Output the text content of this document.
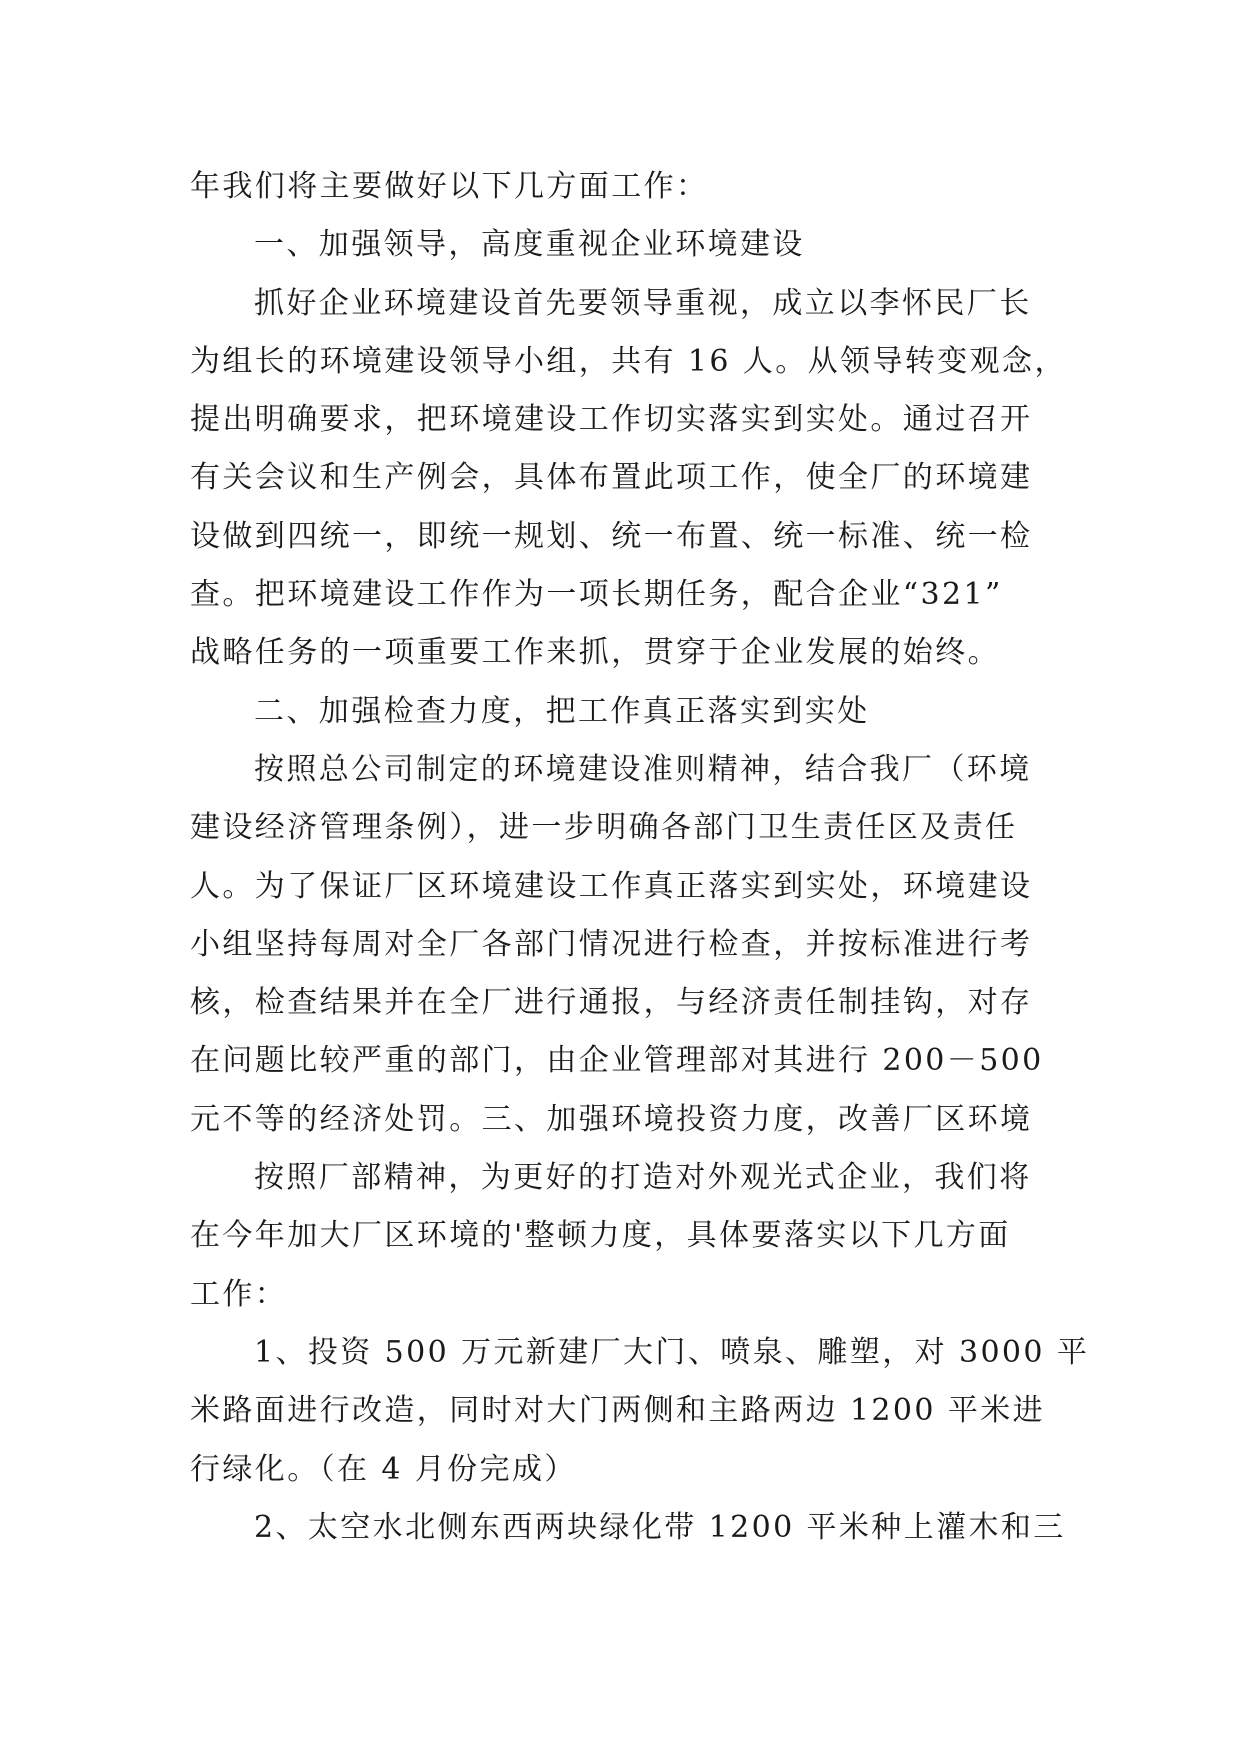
年我们将主要做好以下几方面工作：

一、加强领导，高度重视企业环境建设

抓好企业环境建设首先要领导重视，成立以李怀民厂长
为组长的环境建设领导小组，共有 16 人。从领导转变观念，
提出明确要求，把环境建设工作切实落实到实处。通过召开
有关会议和生产例会，具体布置此项工作，使全厂的环境建
设做到四统一，即统一规划、统一布置、统一标准、统一检
查。把环境建设工作作为一项长期任务，配合企业“321”
战略任务的一项重要工作来抓，贯穿于企业发展的始终。

二、加强检查力度，把工作真正落实到实处

按照总公司制定的环境建设准则精神，结合我厂（环境
建设经济管理条例），进一步明确各部门卫生责任区及责任
人。为了保证厂区环境建设工作真正落实到实处，环境建设
小组坚持每周对全厂各部门情况进行检查，并按标准进行考
核，检查结果并在全厂进行通报，与经济责任制挂钩，对存
在问题比较严重的部门，由企业管理部对其进行 200－500
元不等的经济处罚。三、加强环境投资力度，改善厂区环境

按照厂部精神，为更好的打造对外观光式企业，我们将
在今年加大厂区环境的'整顿力度，具体要落实以下几方面
工作：

1、投资 500 万元新建厂大门、喷泉、雕塑，对 3000 平
米路面进行改造，同时对大门两侧和主路两边 1200 平米进
行绿化。（在 4 月份完成）

2、太空水北侧东西两块绿化带 1200 平米种上灌木和三
